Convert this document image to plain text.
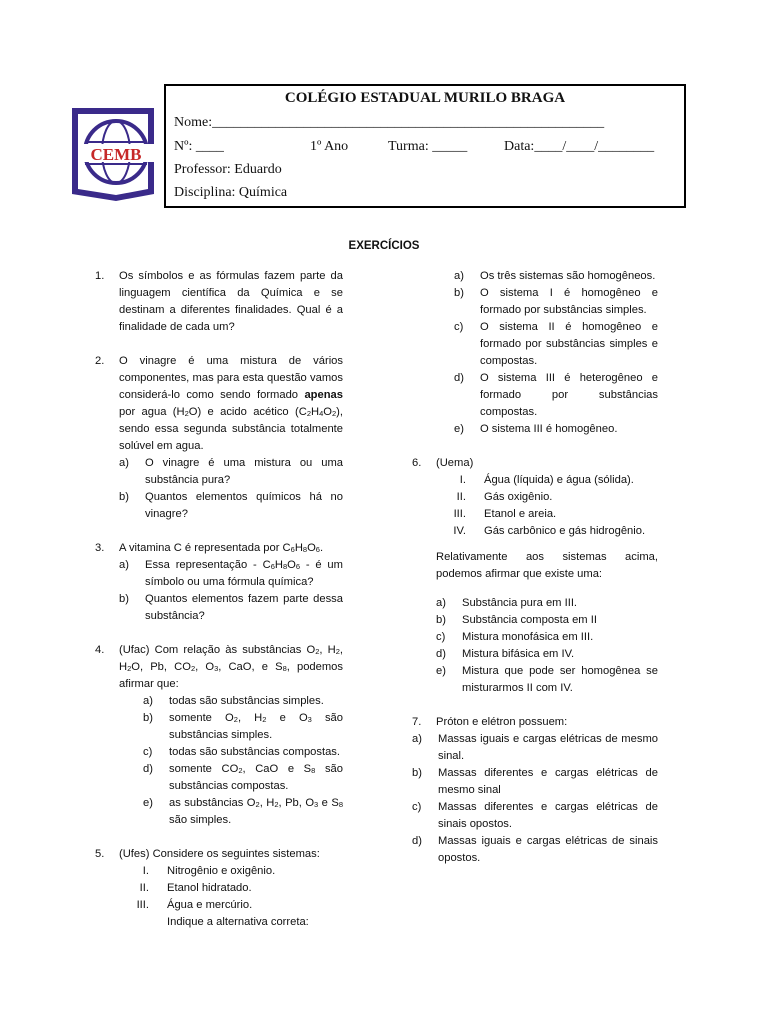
CEMB
COLÉGIO ESTADUAL MURILO BRAGA
Nome:________________________________________________________
Nº: ____	1º Ano	Turma: _____	Data:____/____/________
Professor: Eduardo
Disciplina: Química
EXERCÍCIOS
1.	Os símbolos e as fórmulas fazem parte da linguagem científica da Química e se destinam a diferentes finalidades. Qual é a finalidade de cada um?
2.	O vinagre é uma mistura de vários componentes, mas para esta questão vamos considerá-lo como sendo formado apenas por agua $(H_2O)$ e acido acético $(C_2H_4O_2)$, sendo essa segunda substância totalmente solúvel em agua.
a)	O vinagre é uma mistura ou uma substância pura?
b)	Quantos elementos químicos há no vinagre?
3.	A vitamina C é representada por $C_6H_8O_6$.
a)	Essa representação - $C_6H_8O_6$ - é um símbolo ou uma fórmula química?
b)	Quantos elementos fazem parte dessa substância?
4.	(Ufac) Com relação às substâncias $O_2$, $H_2$, $H_2O$, Pb, $CO_2$, $O_3$, CaO, e $S_8$, podemos afirmar que:
a)	todas são substâncias simples.
b)	somente $O_2$, $H_2$ e $O_3$ são substâncias simples.
c)	todas são substâncias compostas.
d)	somente $CO_2$, CaO e $S_8$ são substâncias compostas.
e)	as substâncias $O_2$, $H_2$, Pb, $O_3$ e $S_8$ são simples.
5.	(Ufes) Considere os seguintes sistemas:
I.	Nitrogênio e oxigênio.
II.	Etanol hidratado.
III.	Água e mercúrio.
Indique a alternativa correta:
a)	Os três sistemas são homogêneos.
b)	O sistema I é homogêneo e formado por substâncias simples.
c)	O sistema II é homogêneo e formado por substâncias simples e compostas.
d)	O sistema III é heterogêneo e formado por substâncias compostas.
e)	O sistema III é homogêneo.
6.	(Uema)
I.	Água (líquida) e água (sólida).
II.	Gás oxigênio.
III.	Etanol e areia.
IV.	Gás carbônico e gás hidrogênio.
Relativamente aos sistemas acima, podemos afirmar que existe uma:
a)	Substância pura em III.
b)	Substância composta em II
c)	Mistura monofásica em III.
d)	Mistura bifásica em IV.
e)	Mistura que pode ser homogênea se misturarmos II com IV.
7.	Próton e elétron possuem:
a)	Massas iguais e cargas elétricas de mesmo sinal.
b)	Massas diferentes e cargas elétricas de mesmo sinal
c)	Massas diferentes e cargas elétricas de sinais opostos.
d)	Massas iguais e cargas elétricas de sinais opostos.
